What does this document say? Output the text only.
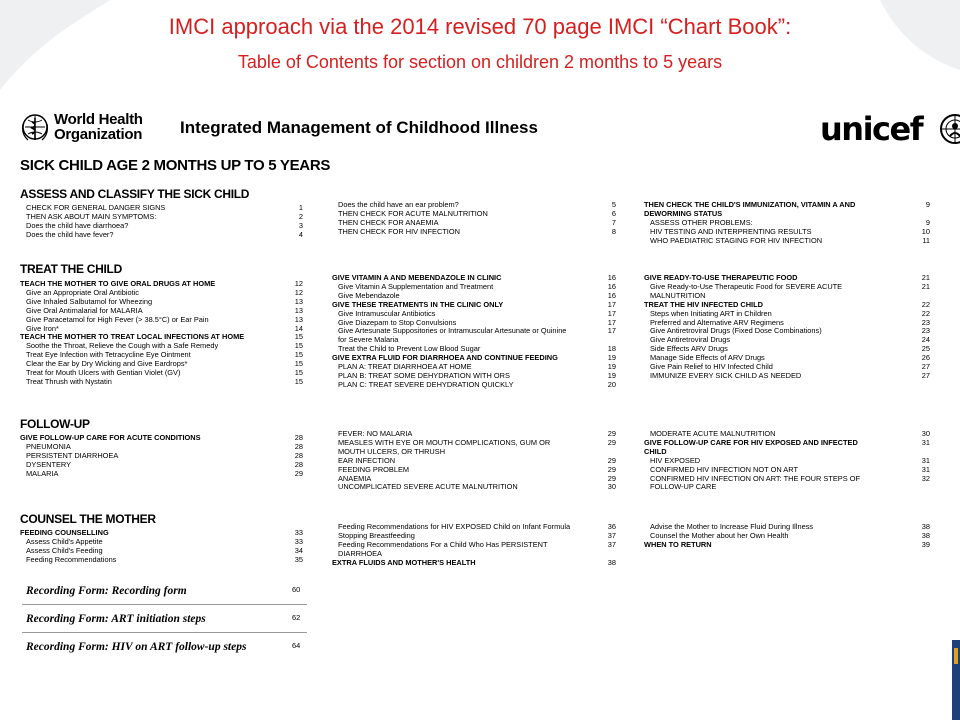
IMCI approach via the 2014 revised 70 page IMCI “Chart Book”:
Table of Contents for section on children 2 months to 5 years
World Health
Organization Integrated Management of Childhood Illness	unicef
SICK CHILD AGE 2 MONTHS UP TO 5 YEARS
ASSESS AND CLASSIFY THE SICK CHILD
CHECK FOR GENERAL DANGER SIGNS	1
THEN ASK ABOUT MAIN SYMPTOMS:	2
Does the child have diarrhoea?	3
Does the child have fever?	4
TREAT THE CHILD
TEACH THE MOTHER TO GIVE ORAL DRUGS AT HOME	12
Give an Appropriate Oral Antibiotic	12
Give Inhaled Salbutamol for Wheezing	13
Give Oral Antimalarial for MALARIA	13
Give Paracetamol for High Fever (> 38.5°C) or Ear Pain	13
Give Iron*	14
TEACH THE MOTHER TO TREAT LOCAL INFECTIONS AT HOME	15
Soothe the Throat, Relieve the Cough with a Safe Remedy	15
Treat Eye Infection with Tetracycline Eye Ointment	15
Clear the Ear by Dry Wicking and Give Eardrops*	15
Treat for Mouth Ulcers with Gentian Violet (GV)	15
Treat Thrush with Nystatin	15
FOLLOW-UP
GIVE FOLLOW-UP CARE FOR ACUTE CONDITIONS	28
PNEUMONIA	28
PERSISTENT DIARRHOEA	28
DYSENTERY	28
MALARIA	29
COUNSEL THE MOTHER
FEEDING COUNSELLING	33
Assess Child's Appetite	33
Assess Child's Feeding	34
Feeding Recommendations	35
Recording Form: Recording form	60
Recording Form: ART initiation steps	62
Recording Form: HIV on ART follow-up steps	64
Does the child have an ear problem?	5
THEN CHECK FOR ACUTE MALNUTRITION	6
THEN CHECK FOR ANAEMIA	7
THEN CHECK FOR HIV INFECTION	8
GIVE VITAMIN A AND MEBENDAZOLE IN CLINIC	16
Give Vitamin A Supplementation and Treatment	16
Give Mebendazole	16
GIVE THESE TREATMENTS IN THE CLINIC ONLY	17
Give Intramuscular Antibiotics	17
Give Diazepam to Stop Convulsions	17
Give Artesunate Suppositories or Intramuscular Artesunate or Quinine	17
for Severe Malaria
Treat the Child to Prevent Low Blood Sugar	18
GIVE EXTRA FLUID FOR DIARRHOEA AND CONTINUE FEEDING	19
PLAN A: TREAT DIARRHOEA AT HOME	19
PLAN B: TREAT SOME DEHYDRATION WITH ORS	19
PLAN C: TREAT SEVERE DEHYDRATION QUICKLY	20
FEVER: NO MALARIA	29
MEASLES WITH EYE OR MOUTH COMPLICATIONS, GUM OR	29
MOUTH ULCERS, OR THRUSH
EAR INFECTION	29
FEEDING PROBLEM	29
ANAEMIA	29
UNCOMPLICATED SEVERE ACUTE MALNUTRITION	30
Feeding Recommendations for HIV EXPOSED Child on Infant Formula	36
Stopping Breastfeeding	37
Feeding Recommendations For a Child Who Has PERSISTENT	37
DIARRHOEA
EXTRA FLUIDS AND MOTHER'S HEALTH	38
THEN CHECK THE CHILD'S IMMUNIZATION, VITAMIN A AND	9
DEWORMING STATUS
ASSESS OTHER PROBLEMS:	9
HIV TESTING AND INTERPRENTING RESULTS	10
WHO PAEDIATRIC STAGING FOR HIV INFECTION	11
GIVE READY-TO-USE THERAPEUTIC FOOD	21
Give Ready-to-Use Therapeutic Food for SEVERE ACUTE	21
MALNUTRITION
TREAT THE HIV INFECTED CHILD	22
Steps when Initiating ART in Children	22
Preferred and Alternative ARV Regimens	23
Give Antiretroviral Drugs (Fixed Dose Combinations)	23
Give Antiretroviral Drugs	24
Side Effects ARV Drugs	25
Manage Side Effects of ARV Drugs	26
Give Pain Relief to HIV Infected Child	27
IMMUNIZE EVERY SICK CHILD AS NEEDED	27
MODERATE ACUTE MALNUTRITION	30
GIVE FOLLOW-UP CARE FOR HIV EXPOSED AND INFECTED	31
CHILD
HIV EXPOSED	31
CONFIRMED HIV INFECTION NOT ON ART	31
CONFIRMED HIV INFECTION ON ART: THE FOUR STEPS OF	32
FOLLOW-UP CARE
Advise the Mother to Increase Fluid During Illness	38
Counsel the Mother about her Own Health	38
WHEN TO RETURN	39
